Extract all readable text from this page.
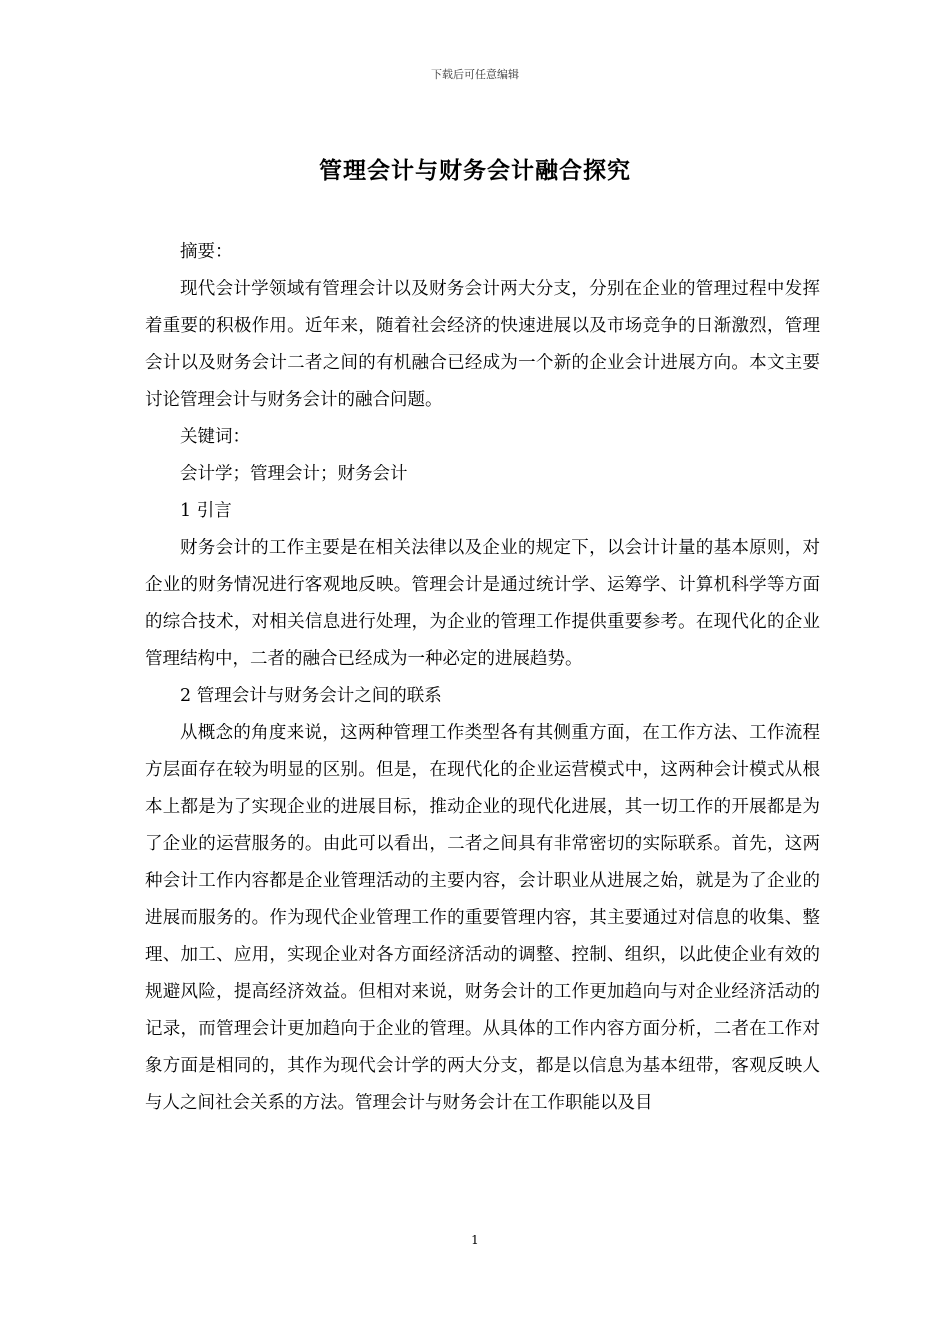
下载后可任意编辑
管理会计与财务会计融合探究

摘要：

现代会计学领域有管理会计以及财务会计两大分支，分别在企业的管理过程中发挥着重要的积极作用。近年来，随着社会经济的快速进展以及市场竞争的日渐激烈，管理会计以及财务会计二者之间的有机融合已经成为一个新的企业会计进展方向。本文主要讨论管理会计与财务会计的融合问题。

关键词：

会计学；管理会计；财务会计

1 引言

财务会计的工作主要是在相关法律以及企业的规定下，以会计计量的基本原则，对企业的财务情况进行客观地反映。管理会计是通过统计学、运筹学、计算机科学等方面的综合技术，对相关信息进行处理，为企业的管理工作提供重要参考。在现代化的企业管理结构中，二者的融合已经成为一种必定的进展趋势。

2 管理会计与财务会计之间的联系

从概念的角度来说，这两种管理工作类型各有其侧重方面，在工作方法、工作流程方层面存在较为明显的区别。但是，在现代化的企业运营模式中，这两种会计模式从根本上都是为了实现企业的进展目标，推动企业的现代化进展，其一切工作的开展都是为了企业的运营服务的。由此可以看出，二者之间具有非常密切的实际联系。首先，这两种会计工作内容都是企业管理活动的主要内容，会计职业从进展之始，就是为了企业的进展而服务的。作为现代企业管理工作的重要管理内容，其主要通过对信息的收集、整理、加工、应用，实现企业对各方面经济活动的调整、控制、组织，以此使企业有效的规避风险，提高经济效益。但相对来说，财务会计的工作更加趋向与对企业经济活动的记录，而管理会计更加趋向于企业的管理。从具体的工作内容方面分析，二者在工作对象方面是相同的，其作为现代会计学的两大分支，都是以信息为基本纽带，客观反映人与人之间社会关系的方法。管理会计与财务会计在工作职能以及目

1
